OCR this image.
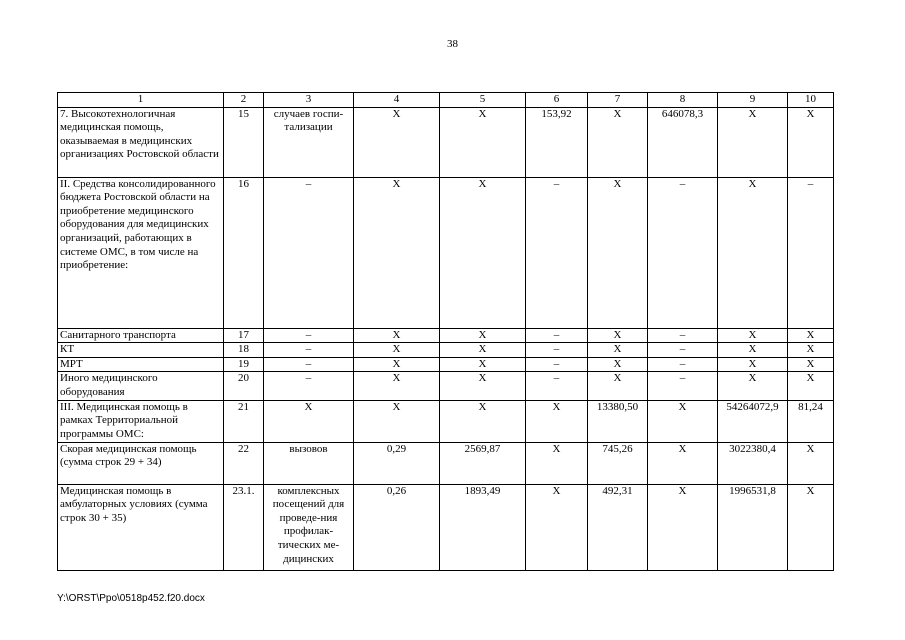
38
1	2	3	4	5	6	7	8	9	10
7. Высокотехнологичная медицинская помощь, оказываемая в медицинских организациях Ростовской области	15	случаев госпи-тализации	Х	Х	153,92	Х	646078,3	Х	Х
II. Средства консолидированного бюджета Ростовской области на приобретение медицинского оборудования для медицинских организаций, работающих в системе ОМС, в том числе на приобретение:	16	–	Х	Х	–	Х	–	Х	–
Санитарного транспорта	17	–	Х	Х	–	Х	–	Х	Х
КТ	18	–	Х	Х	–	Х	–	Х	Х
МРТ	19	–	Х	Х	–	Х	–	Х	Х
Иного медицинского оборудования	20	–	Х	Х	–	Х	–	Х	Х
III. Медицинская помощь в рамках Территориальной программы ОМС:	21	Х	Х	Х	Х	13380,50	Х	54264072,9	81,24
Скорая медицинская помощь (сумма строк 29 + 34)	22	вызовов	0,29	2569,87	Х	745,26	Х	3022380,4	Х
Медицинская помощь в амбулаторных условиях (сумма строк 30 + 35)	23.1.	комплексных посещений для проведе-ния профилак-тических ме-дицинских	0,26	1893,49	Х	492,31	Х	1996531,8	Х
Y:\ORST\Ppo\0518p452.f20.docx
